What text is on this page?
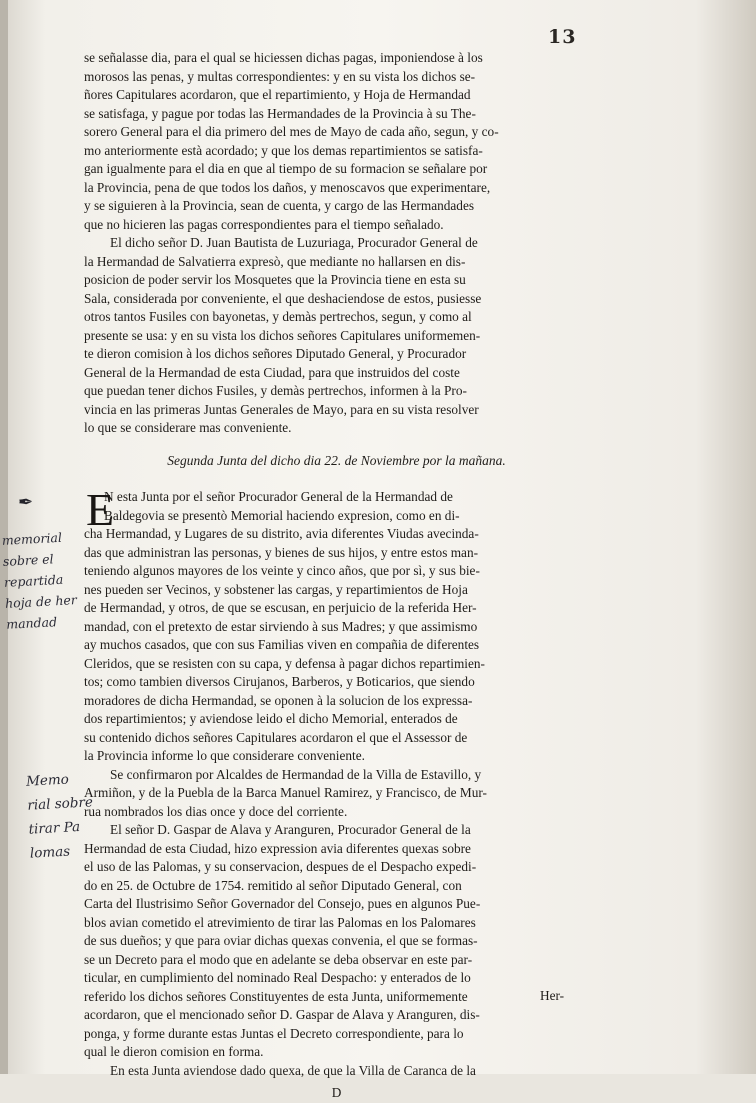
13
se señalasse dia, para el qual se hiciessen dichas pagas, imponiendose à los
morosos las penas, y multas correspondientes: y en su vista los dichos se-
ñores Capitulares acordaron, que el repartimiento, y Hoja de Hermandad
se satisfaga, y pague por todas las Hermandades de la Provincia à su The-
sorero General para el dia primero del mes de Mayo de cada año, segun, y co-
mo anteriormente està acordado; y que los demas repartimientos se satisfa-
gan igualmente para el dia en que al tiempo de su formacion se señalare por
la Provincia, pena de que todos los daños, y menoscavos que experimentare,
y se siguieren à la Provincia, sean de cuenta, y cargo de las Hermandades
que no hicieren las pagas correspondientes para el tiempo señalado.
El dicho señor D. Juan Bautista de Luzuriaga, Procurador General de
la Hermandad de Salvatierra expresò, que mediante no hallarsen en dis-
posicion de poder servir los Mosquetes que la Provincia tiene en esta su
Sala, considerada por conveniente, el que deshaciendose de estos, pusiesse
otros tantos Fusiles con bayonetas, y demàs pertrechos, segun, y como al
presente se usa: y en su vista los dichos señores Capitulares uniformemen-
te dieron comision à los dichos señores Diputado General, y Procurador
General de la Hermandad de esta Ciudad, para que instruidos del coste
que puedan tener dichos Fusiles, y demàs pertrechos, informen à la Pro-
vincia en las primeras Juntas Generales de Mayo, para en su vista resolver
lo que se considerare mas conveniente.
Segunda Junta del dicho dia 22. de Noviembre por la mañana.
E
N esta Junta por el señor Procurador General de la Hermandad de
Baldegovia se presentò Memorial haciendo expresion, como en di-
cha Hermandad, y Lugares de su distrito, avia diferentes Viudas avecinda-
das que administran las personas, y bienes de sus hijos, y entre estos man-
teniendo algunos mayores de los veinte y cinco años, que por sì, y sus bie-
nes pueden ser Vecinos, y sobstener las cargas, y repartimientos de Hoja
de Hermandad, y otros, de que se escusan, en perjuicio de la referida Her-
mandad, con el pretexto de estar sirviendo à sus Madres; y que assimismo
ay muchos casados, que con sus Familias viven en compañia de diferentes
Cleridos, que se resisten con su capa, y defensa à pagar dichos repartimien-
tos; como tambien diversos Cirujanos, Barberos, y Boticarios, que siendo
moradores de dicha Hermandad, se oponen à la solucion de los expressa-
dos repartimientos; y aviendose leido el dicho Memorial, enterados de
su contenido dichos señores Capitulares acordaron el que el Assessor de
la Provincia informe lo que considerare conveniente.
Se confirmaron por Alcaldes de Hermandad de la Villa de Estavillo, y
Armiñon, y de la Puebla de la Barca Manuel Ramirez, y Francisco, de Mur-
rua nombrados los dias once y doce del corriente.
El señor D. Gaspar de Alava y Aranguren, Procurador General de la
Hermandad de esta Ciudad, hizo expression avia diferentes quexas sobre
el uso de las Palomas, y su conservacion, despues de el Despacho expedi-
do en 25. de Octubre de 1754. remitido al señor Diputado General, con
Carta del Ilustrisimo Señor Governador del Consejo, pues en algunos Pue-
blos avian cometido el atrevimiento de tirar las Palomas en los Palomares
de sus dueños; y que para oviar dichas quexas convenia, el que se formas-
se un Decreto para el modo que en adelante se deba observar en este par-
ticular, en cumplimiento del nominado Real Despacho: y enterados de lo
referido los dichos señores Constituyentes de esta Junta, uniformemente
acordaron, que el mencionado señor D. Gaspar de Alava y Aranguren, dis-
ponga, y forme durante estas Juntas el Decreto correspondiente, para lo
qual le dieron comision en forma.
En esta Junta aviendose dado quexa, de que la Villa de Caranca de la
D
Her-
✒
memorial
sobre el
repartida
hoja de her
mandad
Memo
rial sobre
tirar Pa
lomas
